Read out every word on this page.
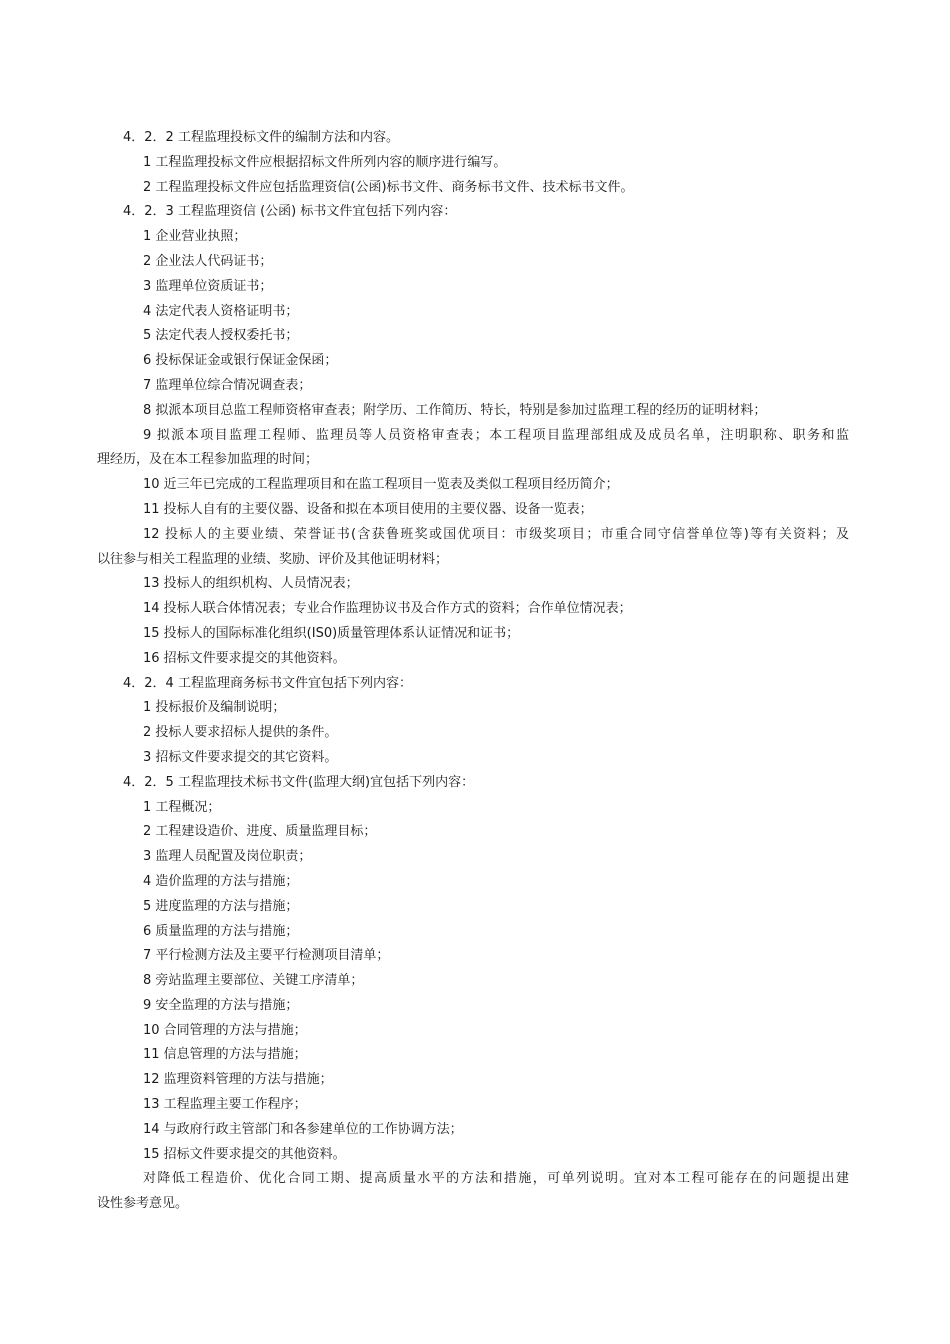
4．2．2 工程监理投标文件的编制方法和内容。

1 工程监理投标文件应根据招标文件所列内容的顺序进行编写。

2 工程监理投标文件应包括监理资信(公函)标书文件、商务标书文件、技术标书文件。

4．2．3 工程监理资信 (公函) 标书文件宜包括下列内容：

1 企业营业执照；

2 企业法人代码证书；

3 监理单位资质证书；

4 法定代表人资格证明书；

5 法定代表人授权委托书；

6 投标保证金或银行保证金保函；

7 监理单位综合情况调查表；

8 拟派本项目总监工程师资格审查表；附学历、工作简历、特长，特别是参加过监理工程的经历的证明材料；

9 拟派本项目监理工程师、监理员等人员资格审查表；本工程项目监理部组成及成员名单，注明职称、职务和监

理经历，及在本工程参加监理的时间；

10 近三年已完成的工程监理项目和在监工程项目一览表及类似工程项目经历简介；

11 投标人自有的主要仪器、设备和拟在本项目使用的主要仪器、设备一览表；

12 投标人的主要业绩、荣誉证书(含获鲁班奖或国优项目：市级奖项目；市重合同守信誉单位等)等有关资料；及

以往参与相关工程监理的业绩、奖励、评价及其他证明材料；

13 投标人的组织机构、人员情况表；

14 投标人联合体情况表；专业合作监理协议书及合作方式的资料；合作单位情况表；

15 投标人的国际标准化组织(IS0)质量管理体系认证情况和证书；

16 招标文件要求提交的其他资料。

4．2．4 工程监理商务标书文件宜包括下列内容：

1 投标报价及编制说明；

2 投标人要求招标人提供的条件。

3 招标文件要求提交的其它资料。

4．2．5 工程监理技术标书文件(监理大纲)宜包括下列内容：

1 工程概况；

2 工程建设造价、进度、质量监理目标；

3 监理人员配置及岗位职责；

4 造价监理的方法与措施；

5 进度监理的方法与措施；

6 质量监理的方法与措施；

7 平行检测方法及主要平行检测项目清单；

8 旁站监理主要部位、关键工序清单；

9 安全监理的方法与措施；

10 合同管理的方法与措施；

11 信息管理的方法与措施；

12 监理资料管理的方法与措施；

13 工程监理主要工作程序；

14 与政府行政主管部门和各参建单位的工作协调方法；

15 招标文件要求提交的其他资料。

对降低工程造价、优化合同工期、提高质量水平的方法和措施，可单列说明。宜对本工程可能存在的问题提出建

设性参考意见。
